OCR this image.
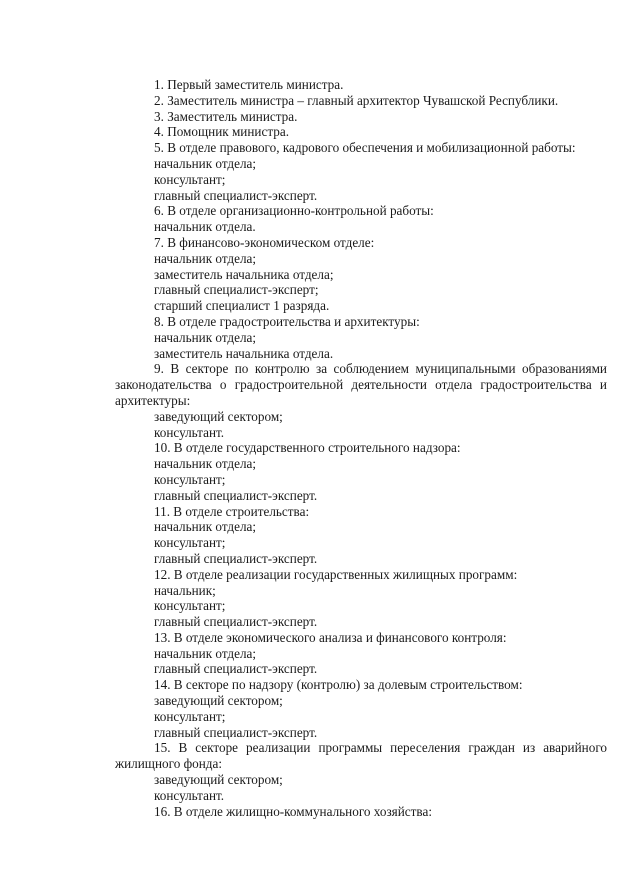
1. Первый заместитель министра.
2. Заместитель министра – главный архитектор Чувашской Республики.
3. Заместитель министра.
4. Помощник министра.
5. В отделе правового, кадрового обеспечения и мобилизационной работы:
начальник отдела;
консультант;
главный специалист-эксперт.
6. В отделе организационно-контрольной работы:
начальник отдела.
7. В финансово-экономическом отделе:
начальник отдела;
заместитель начальника отдела;
главный специалист-эксперт;
старший специалист 1 разряда.
8. В отделе градостроительства и архитектуры:
начальник отдела;
заместитель начальника отдела.
9. В секторе по контролю за соблюдением муниципальными образованиями законодательства о градостроительной деятельности отдела градостроительства и архитектуры:
заведующий сектором;
консультант.
10. В отделе государственного строительного надзора:
начальник отдела;
консультант;
главный специалист-эксперт.
11. В отделе строительства:
начальник отдела;
консультант;
главный специалист-эксперт.
12. В отделе реализации государственных жилищных программ:
начальник;
консультант;
главный специалист-эксперт.
13. В отделе экономического анализа и финансового контроля:
начальник отдела;
главный специалист-эксперт.
14. В секторе по надзору (контролю) за долевым строительством:
заведующий сектором;
консультант;
главный специалист-эксперт.
15. В секторе реализации программы переселения граждан из аварийного жилищного фонда:
заведующий сектором;
консультант.
16. В отделе жилищно-коммунального хозяйства:
